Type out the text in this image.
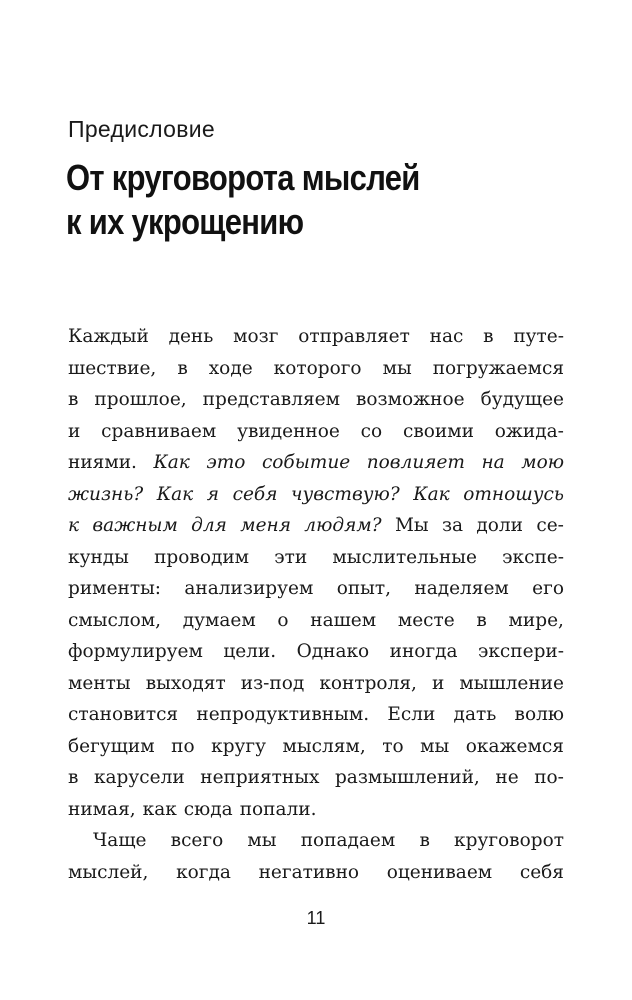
Предисловие
От круговорота мыслей
к их укрощению
Каждый день мозг отправляет нас в путе-
шествие, в ходе которого мы погружаемся
в прошлое, представляем возможное будущее
и сравниваем увиденное со своими ожида-
ниями. Как это событие повлияет на мою
жизнь? Как я себя чувствую? Как отношусь
к важным для меня людям? Мы за доли се-
кунды проводим эти мыслительные экспе-
рименты: анализируем опыт, наделяем его
смыслом, думаем о нашем месте в мире,
формулируем цели. Однако иногда экспери-
менты выходят из-под контроля, и мышление
становится непродуктивным. Если дать волю
бегущим по кругу мыслям, то мы окажемся
в карусели неприятных размышлений, не по-
нимая, как сюда попали.
Чаще всего мы попадаем в круговорот
мыслей, когда негативно оцениваем себя
11
